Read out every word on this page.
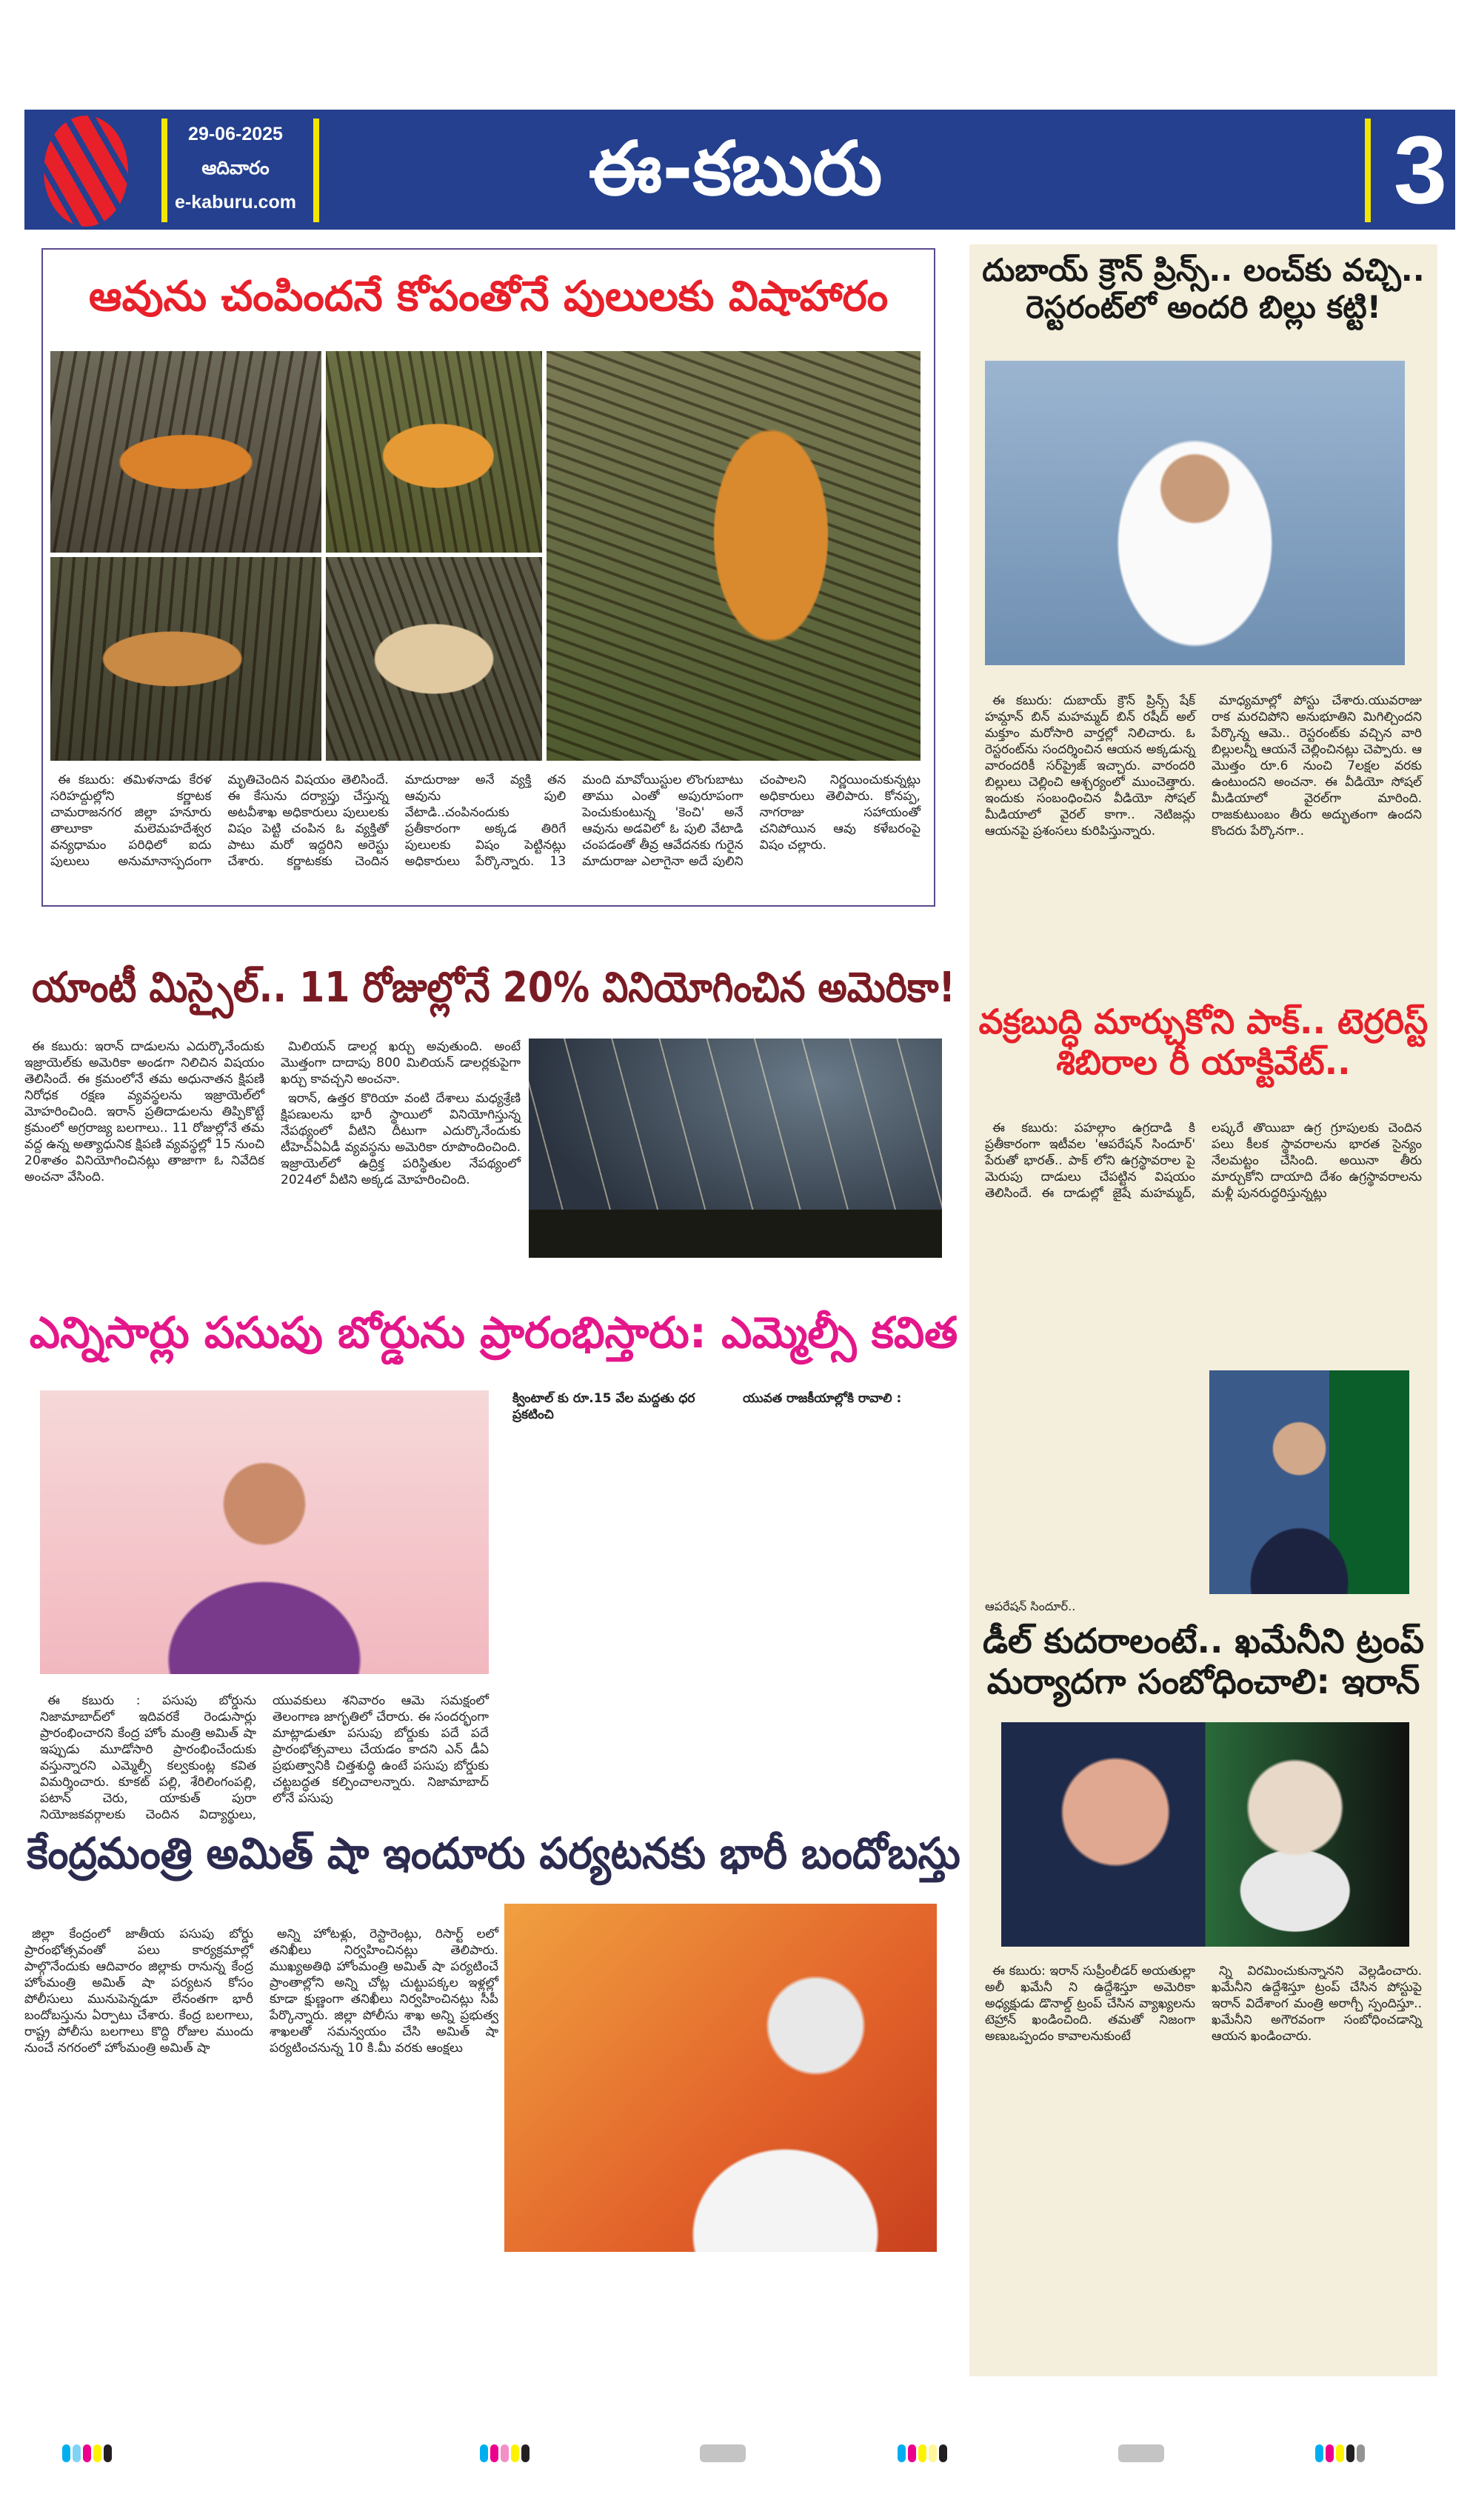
29-06-2025
ఆదివారం
e-kaburu.com	ఈ-కబురు	3
ఆవును చంపిందనే కోపంతోనే పులులకు విషాహారం

ఈ కబురు: తమిళనాడు కేరళ సరిహద్దుల్లోని కర్ణాటక చామరాజనగర జిల్లా హనూరు తాలూకా మలెమహదేశ్వర వన్యధామం పరిధిలో ఐదు పులులు అనుమానాస్పదంగా మృతిచెందిన విషయం తెలిసిందే. ఈ కేసును దర్యాప్తు చేస్తున్న అటవీశాఖ అధికారులు పులులకు విషం పెట్టి చంపిన ఓ వ్యక్తితో పాటు మరో ఇద్దరిని అరెస్టు చేశారు. కర్ణాటకకు చెందిన మాదురాజు అనే వ్యక్తి తన ఆవును పులి వేటాడి..చంపినందుకు ప్రతీకారంగా అక్కడ తిరిగే పులులకు విషం పెట్టినట్లు అధికారులు పేర్కొన్నారు. 13 మంది మావోయిస్టుల లొంగుబాటు తాము ఎంతో అపురూపంగా పెంచుకుంటున్న 'కెంచి' అనే ఆవును అడవిలో ఓ పులి వేటాడి చంపడంతో తీవ్ర ఆవేదనకు గురైన మాదురాజు ఎలాగైనా అదే పులిని చంపాలని నిర్ణయించుకున్నట్లు అధికారులు తెలిపారు. కోనప్ప, నాగరాజు సహాయంతో చనిపోయిన ఆవు కళేబరంపై విషం చల్లారు.

యాంటీ మిస్సైల్.. 11 రోజుల్లోనే 20% వినియోగించిన అమెరికా!

ఈ కబురు: ఇరాన్ దాడులను ఎదుర్కొనేందుకు ఇజ్రాయెల్‌కు అమెరికా అండగా నిలిచిన విషయం తెలిసిందే. ఈ క్రమంలోనే తమ అధునాతన క్షిపణి నిరోధక రక్షణ వ్యవస్థలను ఇజ్రాయెల్‌లో మోహరించింది. ఇరాన్ ప్రతిదాడులను తిప్పికొట్టే క్రమంలో అగ్రరాజ్య బలగాలు.. 11 రోజుల్లోనే తమ వద్ద ఉన్న అత్యాధునిక క్షిపణి వ్యవస్థల్లో 15 నుంచి 20శాతం వినియోగించినట్లు తాజాగా ఓ నివేదిక అంచనా వేసింది.

మిలియన్ డాలర్ల ఖర్చు అవుతుంది. అంటే మొత్తంగా దాదాపు 800 మిలియన్ డాలర్లకుపైగా ఖర్చు కావచ్చని అంచనా.

ఇరాన్, ఉత్తర కొరియా వంటి దేశాలు మధ్యశ్రేణి క్షిపణులను భారీ స్థాయిలో వినియోగిస్తున్న నేపథ్యంలో వీటిని దీటుగా ఎదుర్కొనేందుకు టీహెచ్ఏఏడీ వ్యవస్థను అమెరికా రూపొందించింది. ఇజ్రాయెల్‌లో ఉద్రిక్త పరిస్థితుల నేపథ్యంలో 2024లో వీటిని అక్కడ మోహరించింది.

ఎన్నిసార్లు పసుపు బోర్డును ప్రారంభిస్తారు: ఎమ్మెల్సీ కవిత
క్వింటాల్ కు రూ.15 వేల మద్దతు ధర ప్రకటించి
యువత రాజకీయాల్లోకి రావాలి :

ఈ కబురు : పసుపు బోర్డును నిజామాబాద్‌లో ఇదివరకే రెండుసార్లు ప్రారంభించారని కేంద్ర హోం మంత్రి అమిత్ షా ఇప్పుడు మూడోసారి ప్రారంభించేందుకు వస్తున్నారని ఎమ్మెల్సీ కల్వకుంట్ల కవిత విమర్శించారు. కూకట్ పల్లి, శేరిలింగంపల్లి, పటాన్ చెరు, యాకుత్ పురా నియోజకవర్గాలకు చెందిన విద్యార్థులు, యువకులు శనివారం ఆమె సమక్షంలో తెలంగాణ జాగృతిలో చేరారు. ఈ సందర్భంగా మాట్లాడుతూ పసుపు బోర్డుకు పదే పదే ప్రారంభోత్సవాలు చేయడం కాదని ఎన్ డీఏ ప్రభుత్వానికి చిత్తశుద్ధి ఉంటే పసుపు బోర్డుకు చట్టబద్ధత కల్పించాలన్నారు. నిజామాబాద్ లోనే పసుపు

కేంద్రమంత్రి అమిత్ షా ఇందూరు పర్యటనకు భారీ బందోబస్తు

జిల్లా కేంద్రంలో జాతీయ పసుపు బోర్డు ప్రారంభోత్సవంతో పలు కార్యక్రమాల్లో పాల్గొనేందుకు ఆదివారం జిల్లాకు రానున్న కేంద్ర హోంమంత్రి అమిత్ షా పర్యటన కోసం పోలీసులు మునుపెన్నడూ లేనంతగా భారీ బందోబస్తును ఏర్పాటు చేశారు. కేంద్ర బలగాలు, రాష్ట్ర పోలీసు బలగాలు కొద్ది రోజుల ముందు నుంచే నగరంలో హోంమంత్రి అమిత్ షా

అన్ని హోటళ్లు, రెస్టారెంట్లు, రిసార్ట్ లలో తనిఖీలు నిర్వహించినట్లు తెలిపారు. ముఖ్యఅతిథి హోంమంత్రి అమిత్ షా పర్యటించే ప్రాంతాల్లోని అన్ని చోట్ల చుట్టుపక్కల ఇళ్లల్లో కూడా క్షుణ్ణంగా తనిఖీలు నిర్వహించినట్లు సీపీ పేర్కొన్నారు. జిల్లా పోలీసు శాఖ అన్ని ప్రభుత్వ శాఖలతో సమన్వయం చేసి అమిత్ షా పర్యటించనున్న 10 కి.మీ వరకు ఆంక్షలు

దుబాయ్ క్రౌన్ ప్రిన్స్.. లంచ్‌కు వచ్చి.. రెస్టరంట్‌లో అందరి బిల్లు కట్టి!

ఈ కబురు: దుబాయ్ క్రౌన్ ప్రిన్స్ షేక్ హమ్దాన్ బిన్ మహమ్మద్ బిన్ రషీద్ అల్ మక్తూం మరోసారి వార్తల్లో నిలిచారు. ఓ రెస్టరంట్‌ను సందర్శించిన ఆయన అక్కడున్న వారందరికీ సర్‌ప్రైజ్ ఇచ్చారు. వారందరి బిల్లులు చెల్లించి ఆశ్చర్యంలో ముంచెత్తారు. ఇందుకు సంబంధించిన వీడియో సోషల్ మీడియాలో వైరల్ కాగా.. నెటిజన్లు ఆయనపై ప్రశంసలు కురిపిస్తున్నారు.

మాధ్యమాల్లో పోస్టు చేశారు.యువరాజు రాక మరచిపోని అనుభూతిని మిగిల్చిందని పేర్కొన్న ఆమె.. రెస్టరంట్‌కు వచ్చిన వారి బిల్లులన్నీ ఆయనే చెల్లించినట్లు చెప్పారు. ఆ మొత్తం రూ.6 నుంచి 7లక్షల వరకు ఉంటుందని అంచనా. ఈ వీడియో సోషల్ మీడియాలో వైరల్‌గా మారింది. రాజకుటుంబం తీరు అద్భుతంగా ఉందని కొందరు పేర్కొనగా..

వక్రబుద్ధి మార్చుకోని పాక్.. టెర్రరిస్ట్ శిబిరాల రీ యాక్టివేట్..

ఈ కబురు: పహల్గాం ఉగ్రదాడి కి ప్రతీకారంగా ఇటీవల 'ఆపరేషన్ సిందూర్' పేరుతో భారత్.. పాక్ లోని ఉగ్రస్థావరాల పై మెరుపు దాడులు చేపట్టిన విషయం తెలిసిందే. ఈ దాడుల్లో జైషే మహమ్మద్, లష్కరే తొయిబా ఉగ్ర గ్రూపులకు చెందిన పలు కీలక స్థావరాలను భారత సైన్యం నేలమట్టం చేసింది. అయినా తీరు మార్చుకోని దాయాది దేశం ఉగ్రస్థావరాలను మళ్లీ పునరుద్ధరిస్తున్నట్లు

ఆపరేషన్ సిందూర్..
డీల్ కుదరాలంటే.. ఖమేనీని ట్రంప్ మర్యాదగా సంబోధించాలి: ఇరాన్

ఈ కబురు: ఇరాన్ సుప్రీంలీడర్ అయతుల్లా అలీ ఖమేనీ ని ఉద్దేశిస్తూ అమెరికా అధ్యక్షుడు డొనాల్డ్ ట్రంప్ చేసిన వ్యాఖ్యలను టెహ్రాన్ ఖండించింది. తమతో నిజంగా అణుఒప్పందం కావాలనుకుంటే

న్ని విరమించుకున్నానని వెల్లడించారు. ఖమేనీని ఉద్దేశిస్తూ ట్రంప్ చేసిన పోస్టుపై ఇరాన్ విదేశాంగ మంత్రి అరాగ్చీ స్పందిస్తూ.. ఖమేనీని అగౌరవంగా సంబోధించడాన్ని ఆయన ఖండించారు.
